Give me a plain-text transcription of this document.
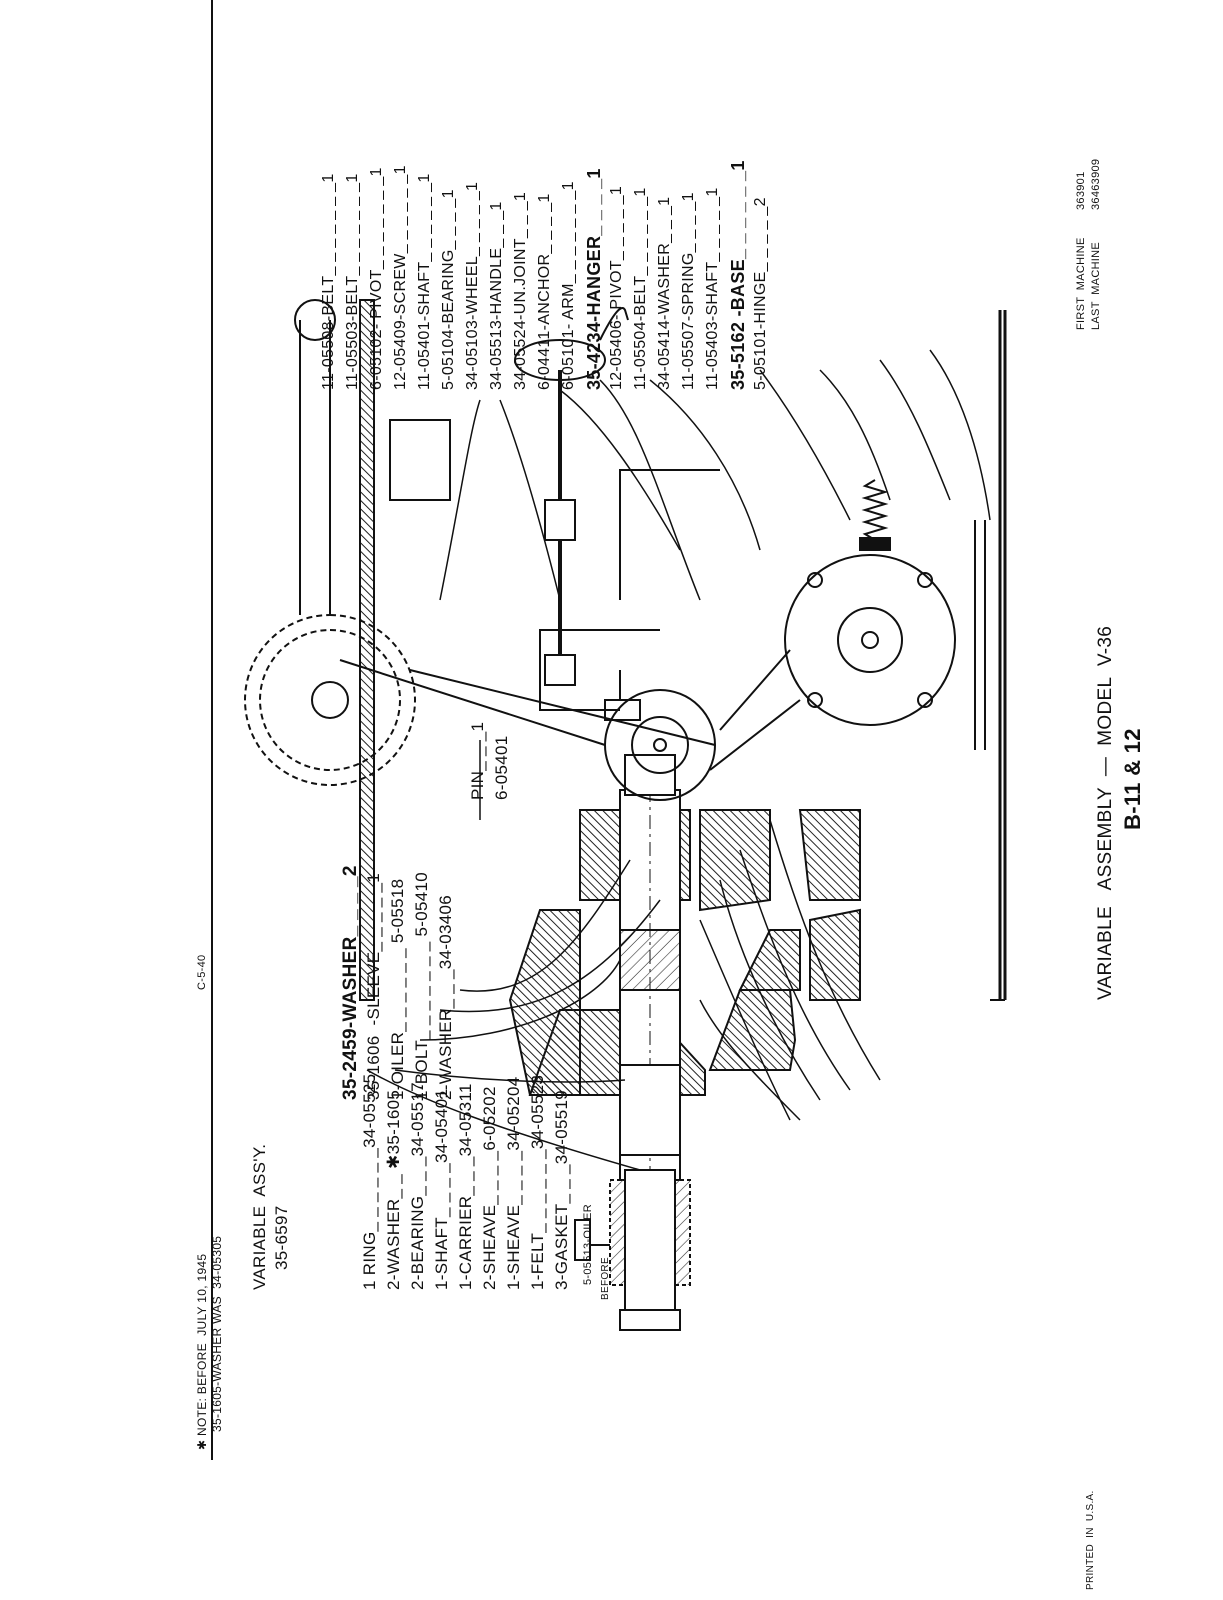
✱ NOTE: BEFORE  JULY 10, 1945 35-1605-WASHER WAS  34-05305
VARIABLE  ASS'Y. 35-6597	5-05513-OILER BEFORE
1 RING_ _ _ _ _ _34-05525 2-WASHER_ _ ✱35-1605 2-BEARING_ _ _34-05517 1-SHAFT_ _ _ _34-05401 1-CARRIER_ _ _34-05311 2-SHEAVE_ _ _ _6-05202 1-SHEAVE_ _ _ _34-05204 1-FELT_ _ _ _ _ _34-05523 3-GASKET_ _ _34-05519
35-2459-WASHER_ _ _ _2 35-1606  -SLEEVE_ _ _ _ _1 1-OILER_ _ _ _ _ _ 5-05518 1-BOLT_ _ _ _ _ _ _ 5-05410 2-WASHER_ _ _34-03406
11-05508-BELT_ _ _ _ _ _ _1 11-05503-BELT_ _ _ _ _ _ _1 6-05102- PIVOT_ _ _ _ _ _ _1 12-05409-SCREW_ _ _ _ _ _1 11-05401-SHAFT_ _ _ _ _ _1 5-05104-BEARING_ _ _ _1 34-05103-WHEEL_ _ _ _ _1 34-05513-HANDLE_ _ _1 34-05524-UN.JOINT_ _ _1 6-04411-ANCHOR_ _ _ _1 6-05101- ARM_ _ _ _ _ _ _1 35-4234-HANGER_ _ _ _1 12-05406- PIVOT_ _ _ _ _1 11-05504-BELT_ _ _ _ _ _1 34-05414-WASHER_ _ _1 11-05507-SPRING_ _ _ _1 11-05403-SHAFT_ _ _ _ _1 35-5162 -BASE_ _ _ _ _ _1 5-05101-HINGE_ _ _ _ _2
PIN_ _ _1 6-05401
FIRST  MACHINE
363901
LAST  MACHINE
36463909
VARIABLE   ASSEMBLY  —  MODEL  V-36 B-11 & 12
C-5-40
PRINTED  IN  U.S.A.
